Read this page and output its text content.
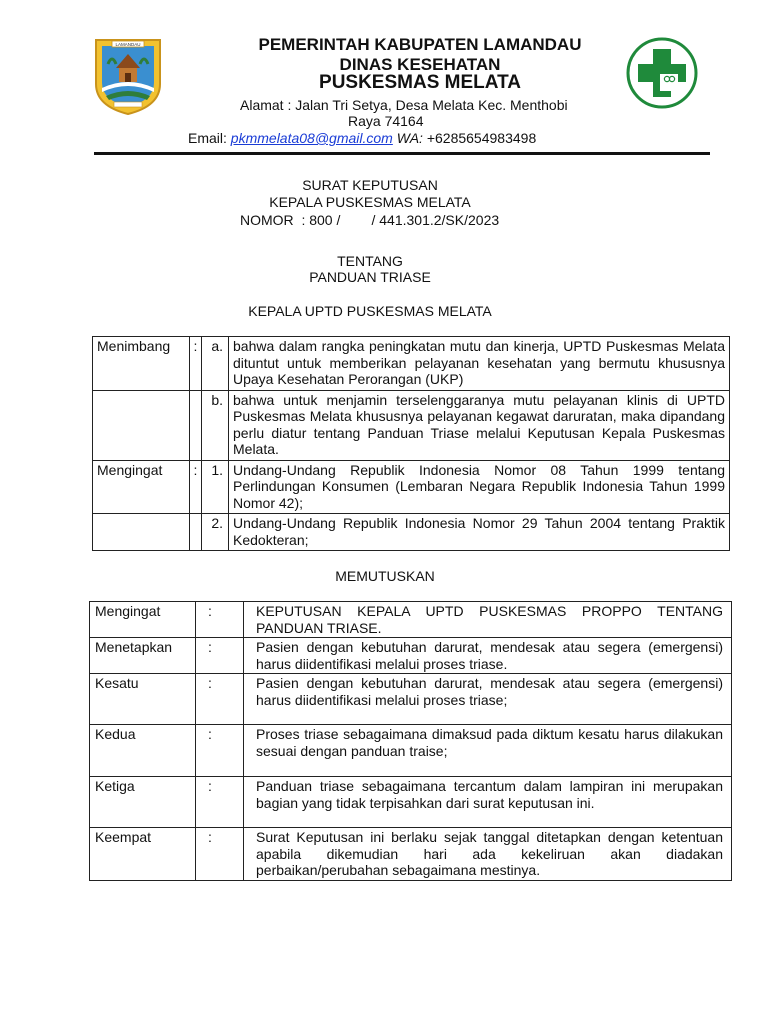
LAMANDAU	PEMERINTAH KABUPATEN LAMANDAU
DINAS KESEHATAN
PUSKESMAS MELATA
Alamat : Jalan Tri Setya, Desa Melata Kec. Menthobi
Raya 74164
Email: pkmmelata08@gmail.com WA: +6285654983498
SURAT KEPUTUSAN
KEPALA PUSKESMAS MELATA
NOMOR  : 800 /        / 441.301.2/SK/2023
TENTANG
PANDUAN TRIASE
KEPALA UPTD PUSKESMAS MELATA
Menimbang	:	a.	bahwa dalam rangka peningkatan mutu dan kinerja, UPTD Puskesmas Melata dituntut untuk memberikan pelayanan kesehatan yang bermutu khususnya Upaya Kesehatan Perorangan (UKP)
		b.	bahwa untuk menjamin terselenggaranya mutu pelayanan klinis di UPTD Puskesmas Melata khususnya pelayanan kegawat daruratan, maka dipandang perlu diatur tentang Panduan Triase melalui Keputusan Kepala Puskesmas Melata.
Mengingat	:	1.	Undang-Undang Republik Indonesia Nomor 08 Tahun 1999 tentang Perlindungan Konsumen (Lembaran Negara Republik Indonesia Tahun 1999 Nomor 42);
		2.	Undang-Undang Republik Indonesia Nomor 29 Tahun 2004 tentang Praktik Kedokteran;
MEMUTUSKAN
Mengingat	:	KEPUTUSAN KEPALA UPTD PUSKESMAS PROPPO TENTANG PANDUAN TRIASE.
Menetapkan	:	Pasien dengan kebutuhan darurat, mendesak atau segera (emergensi) harus diidentifikasi melalui proses triase.
Kesatu	:	Pasien dengan kebutuhan darurat, mendesak atau segera (emergensi) harus diidentifikasi melalui proses triase;
Kedua	:	Proses triase sebagaimana dimaksud pada diktum kesatu harus dilakukan sesuai dengan panduan traise;
Ketiga	:	Panduan triase sebagaimana tercantum dalam lampiran ini merupakan bagian yang tidak terpisahkan dari surat keputusan ini.
Keempat	:	Surat Keputusan ini berlaku sejak tanggal ditetapkan dengan ketentuan apabila dikemudian hari ada kekeliruan akan diadakan perbaikan/perubahan sebagaimana mestinya.
